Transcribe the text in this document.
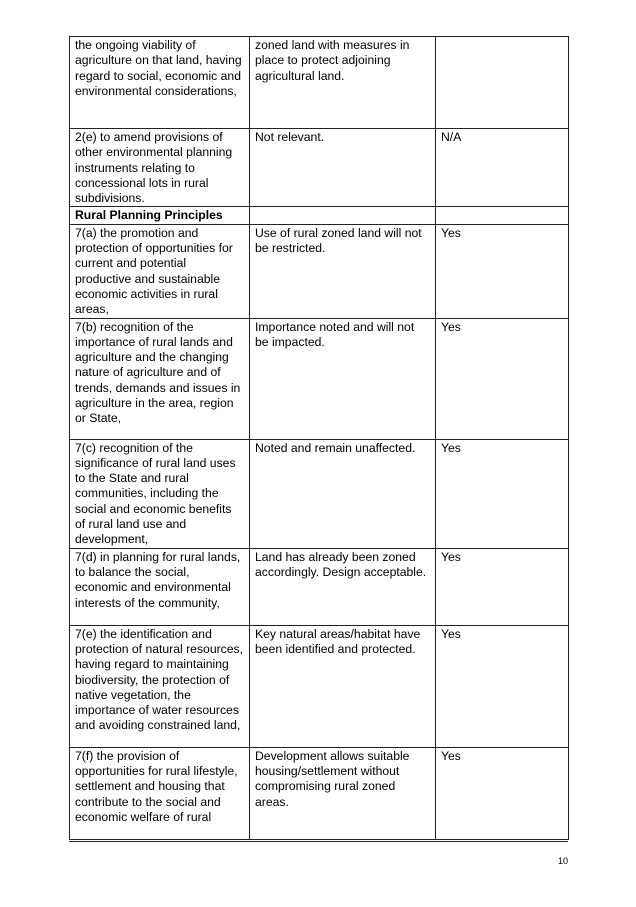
the ongoing viability of agriculture on that land, having regard to social, economic and environmental considerations,	zoned land with measures in place to protect adjoining agricultural land.	
2(e) to amend provisions of other environmental planning instruments relating to concessional lots in rural subdivisions.	Not relevant.	N/A
Rural Planning Principles		
7(a) the promotion and protection of opportunities for current and potential productive and sustainable economic activities in rural areas,	Use of rural zoned land will not be restricted.	Yes
7(b) recognition of the importance of rural lands and agriculture and the changing nature of agriculture and of trends, demands and issues in agriculture in the area, region or State,	Importance noted and will not be impacted.	Yes
7(c) recognition of the significance of rural land uses to the State and rural communities, including the social and economic benefits of rural land use and development,	Noted and remain unaffected.	Yes
7(d) in planning for rural lands, to balance the social, economic and environmental interests of the community,	Land has already been zoned accordingly. Design acceptable.	Yes
7(e) the identification and protection of natural resources, having regard to maintaining biodiversity, the protection of native vegetation, the importance of water resources and avoiding constrained land,	Key natural areas/habitat have been identified and protected.	Yes
7(f) the provision of opportunities for rural lifestyle, settlement and housing that contribute to the social and economic welfare of rural	Development allows suitable housing/settlement without compromising rural zoned areas.	Yes
10
